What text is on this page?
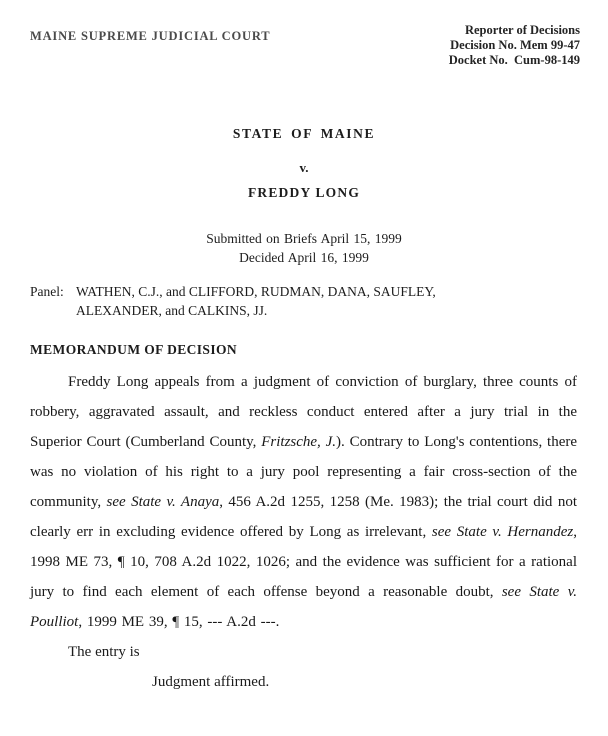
MAINE SUPREME JUDICIAL COURT	Reporter of Decisions
Decision No. Mem 99-47
Docket No.  Cum-98-149
STATE OF MAINE
v.
FREDDY LONG
Submitted on Briefs April 15, 1999
Decided April 16, 1999
Panel: WATHEN, C.J., and CLIFFORD, RUDMAN, DANA, SAUFLEY,
ALEXANDER, and CALKINS, JJ.
MEMORANDUM OF DECISION
Freddy Long appeals from a judgment of conviction of burglary, three counts of robbery, aggravated assault, and reckless conduct entered after a jury trial in the Superior Court (Cumberland County, Fritzsche, J.). Contrary to Long's contentions, there was no violation of his right to a jury pool representing a fair cross-section of the community, see State v. Anaya, 456 A.2d 1255, 1258 (Me. 1983); the trial court did not clearly err in excluding evidence offered by Long as irrelevant, see State v. Hernandez, 1998 ME 73, ¶ 10, 708 A.2d 1022, 1026; and the evidence was sufficient for a rational jury to find each element of each offense beyond a reasonable doubt, see State v. Poulliot, 1999 ME 39, ¶ 15, --- A.2d ---.
The entry is
Judgment affirmed.
